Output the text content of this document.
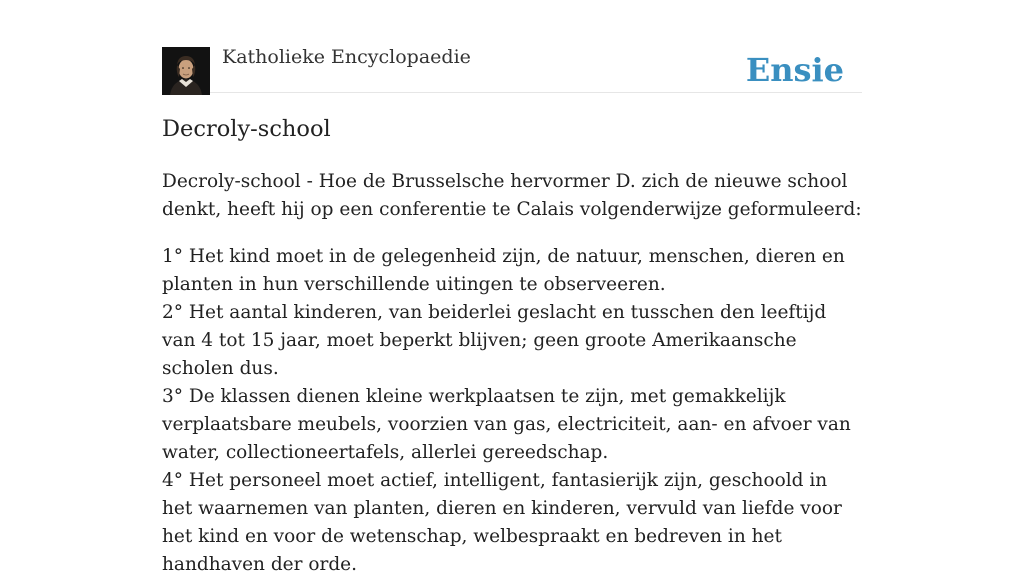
Katholieke Encyclopaedie	Ensie
Decroly-school

Decroly-school - Hoe de Brusselsche hervormer D. zich de nieuwe school denkt, heeft hij op een conferentie te Calais volgenderwijze geformuleerd:

1° Het kind moet in de gelegenheid zijn, de natuur, menschen, dieren en planten in hun verschillende uitingen te observeeren.
2° Het aantal kinderen, van beiderlei geslacht en tusschen den leeftijd van 4 tot 15 jaar, moet beperkt blijven; geen groote Amerikaansche scholen dus.
3° De klassen dienen kleine werkplaatsen te zijn, met gemakkelijk verplaatsbare meubels, voorzien van gas, electriciteit, aan- en afvoer van water, collectioneertafels, allerlei gereedschap.
4° Het personeel moet actief, intelligent, fantasierijk zijn, geschoold in het waarnemen van planten, dieren en kinderen, vervuld van liefde voor het kind en voor de wetenschap, welbespraakt en bedreven in het handhaven der orde.
